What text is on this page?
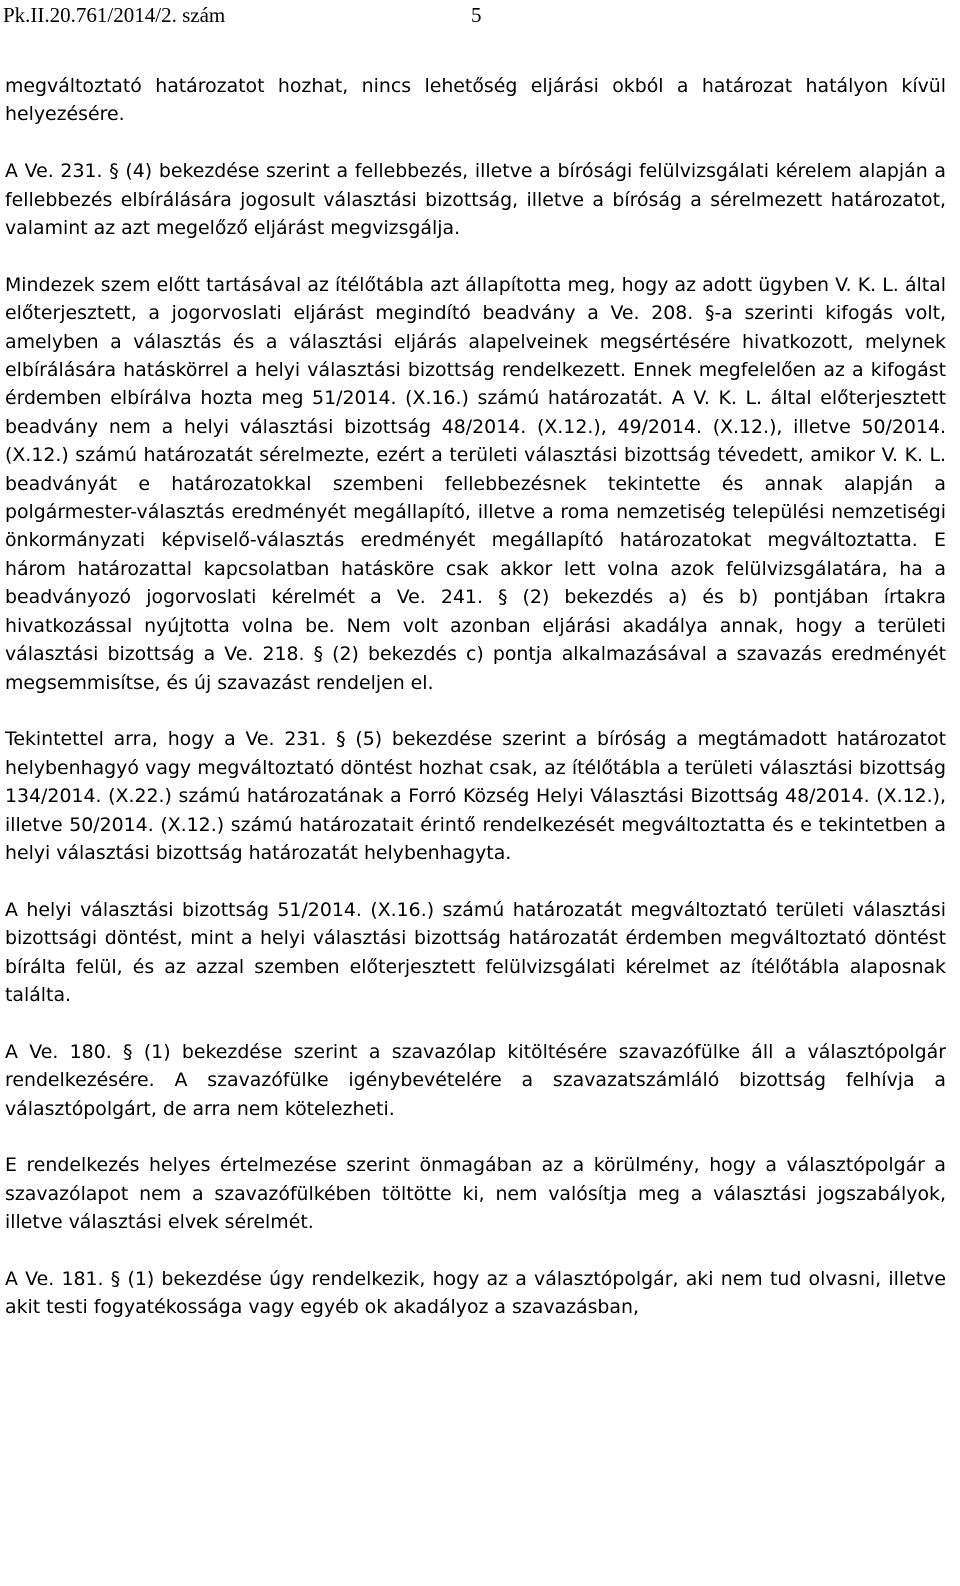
Pk.II.20.761/2014/2. szám	5

megváltoztató határozatot hozhat, nincs lehetőség eljárási okból a határozat hatályon kívül helyezésére.

A Ve. 231. § (4) bekezdése szerint a fellebbezés, illetve a bírósági felülvizsgálati kérelem alapján a fellebbezés elbírálására jogosult választási bizottság, illetve a bíróság a sérelmezett határozatot, valamint az azt megelőző eljárást megvizsgálja.

Mindezek szem előtt tartásával az ítélőtábla azt állapította meg, hogy az adott ügyben V. K. L. által előterjesztett, a jogorvoslati eljárást megindító beadvány a Ve. 208. §-a szerinti kifogás volt, amelyben a választás és a választási eljárás alapelveinek megsértésére hivatkozott, melynek elbírálására hatáskörrel a helyi választási bizottság rendelkezett. Ennek megfelelően az a kifogást érdemben elbírálva hozta meg 51/2014. (X.16.) számú határozatát. A V. K. L. által előterjesztett beadvány nem a helyi választási bizottság 48/2014. (X.12.), 49/2014. (X.12.), illetve 50/2014. (X.12.) számú határozatát sérelmezte, ezért a területi választási bizottság tévedett, amikor V. K. L. beadványát e határozatokkal szembeni fellebbezésnek tekintette és annak alapján a polgármester-választás eredményét megállapító, illetve a roma nemzetiség települési nemzetiségi önkormányzati képviselő-választás eredményét megállapító határozatokat megváltoztatta. E három határozattal kapcsolatban hatásköre csak akkor lett volna azok felülvizsgálatára, ha a beadványozó jogorvoslati kérelmét a Ve. 241. § (2) bekezdés a) és b) pontjában írtakra hivatkozással nyújtotta volna be. Nem volt azonban eljárási akadálya annak, hogy a területi választási bizottság a Ve. 218. § (2) bekezdés c) pontja alkalmazásával a szavazás eredményét megsemmisítse, és új szavazást rendeljen el.

Tekintettel arra, hogy a Ve. 231. § (5) bekezdése szerint a bíróság a megtámadott határozatot helybenhagyó vagy megváltoztató döntést hozhat csak, az ítélőtábla a területi választási bizottság 134/2014. (X.22.) számú határozatának a Forró Község Helyi Választási Bizottság 48/2014. (X.12.), illetve 50/2014. (X.12.) számú határozatait érintő rendelkezését megváltoztatta és e tekintetben a helyi választási bizottság határozatát helybenhagyta.

A helyi választási bizottság 51/2014. (X.16.) számú határozatát megváltoztató területi választási bizottsági döntést, mint a helyi választási bizottság határozatát érdemben megváltoztató döntést bírálta felül, és az azzal szemben előterjesztett felülvizsgálati kérelmet az ítélőtábla alaposnak találta.

A Ve. 180. § (1) bekezdése szerint a szavazólap kitöltésére szavazófülke áll a választópolgár rendelkezésére. A szavazófülke igénybevételére a szavazatszámláló bizottság felhívja a választópolgárt, de arra nem kötelezheti.

E rendelkezés helyes értelmezése szerint önmagában az a körülmény, hogy a választópolgár a szavazólapot nem a szavazófülkében töltötte ki, nem valósítja meg a választási jogszabályok, illetve választási elvek sérelmét.

A Ve. 181. § (1) bekezdése úgy rendelkezik, hogy az a választópolgár, aki nem tud olvasni, illetve akit testi fogyatékossága vagy egyéb ok akadályoz a szavazásban,
